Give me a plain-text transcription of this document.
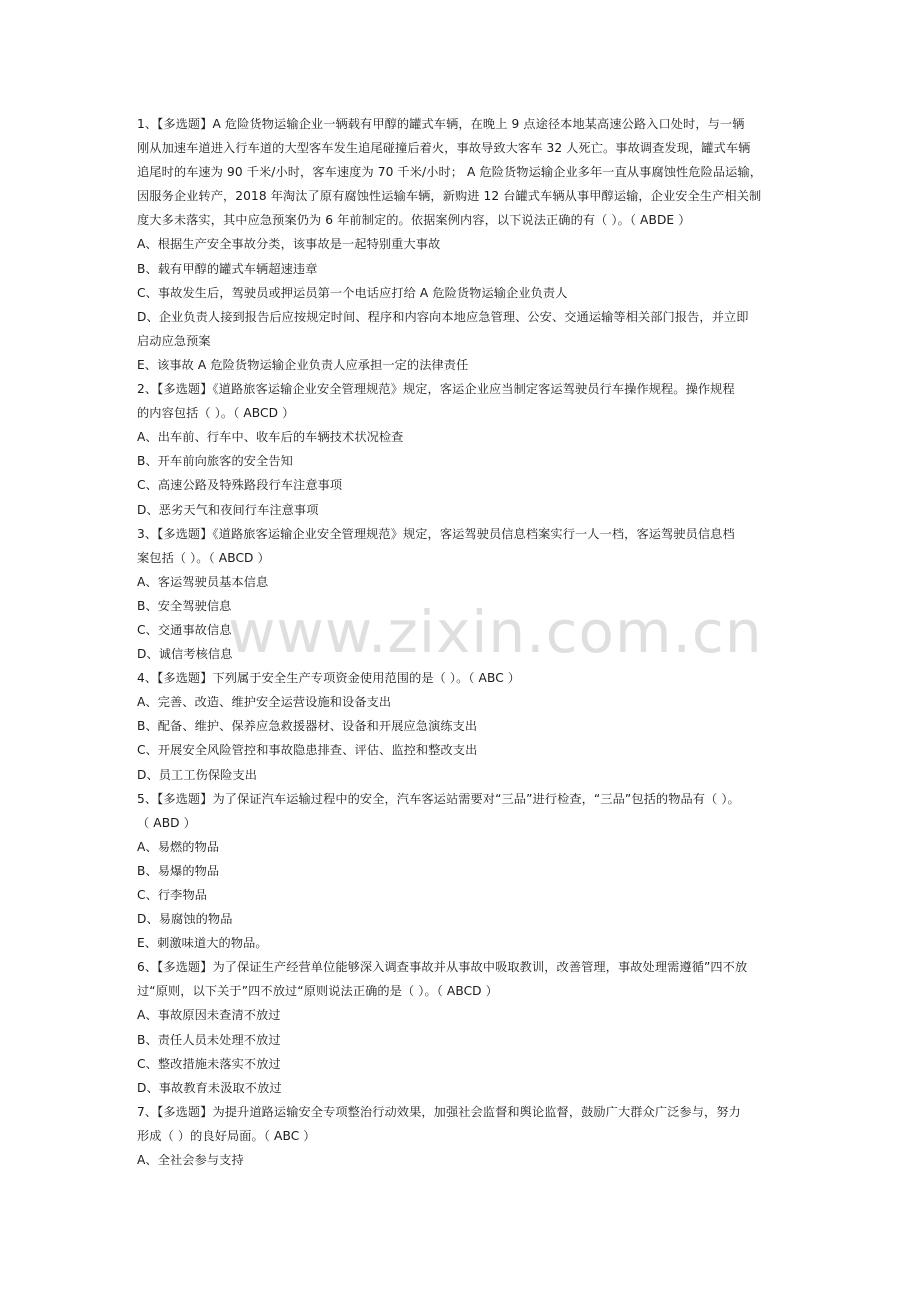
1、【多选题】A 危险货物运输企业一辆载有甲醇的罐式车辆，在晚上 9 点途径本地某高速公路入口处时，与一辆
刚从加速车道进入行车道的大型客车发生追尾碰撞后着火，事故导致大客车 32 人死亡。事故调查发现，罐式车辆
追尾时的车速为 90 千米/小时，客车速度为 70 千米/小时； A 危险货物运输企业多年一直从事腐蚀性危险品运输，
因服务企业转产，2018 年淘汰了原有腐蚀性运输车辆，新购进 12 台罐式车辆从事甲醇运输，企业安全生产相关制
度大多未落实，其中应急预案仍为 6 年前制定的。依据案例内容，以下说法正确的有（ ）。（ ABDE ）
A、根据生产安全事故分类，该事故是一起特别重大事故
B、载有甲醇的罐式车辆超速违章
C、事故发生后，驾驶员或押运员第一个电话应打给 A 危险货物运输企业负责人
D、企业负责人接到报告后应按规定时间、程序和内容向本地应急管理、公安、交通运输等相关部门报告，并立即
启动应急预案
E、该事故 A 危险货物运输企业负责人应承担一定的法律责任
2、【多选题】《道路旅客运输企业安全管理规范》规定，客运企业应当制定客运驾驶员行车操作规程。操作规程
的内容包括（ ）。（ ABCD ）
A、出车前、行车中、收车后的车辆技术状况检查
B、开车前向旅客的安全告知
C、高速公路及特殊路段行车注意事项
D、恶劣天气和夜间行车注意事项
3、【多选题】《道路旅客运输企业安全管理规范》规定，客运驾驶员信息档案实行一人一档，客运驾驶员信息档
案包括（ ）。（ ABCD ）
A、客运驾驶员基本信息
B、安全驾驶信息
C、交通事故信息
D、诚信考核信息
4、【多选题】下列属于安全生产专项资金使用范围的是（ ）。（ ABC ）
A、完善、改造、维护安全运营设施和设备支出
B、配备、维护、保养应急救援器材、设备和开展应急演练支出
C、开展安全风险管控和事故隐患排查、评估、监控和整改支出
D、员工工伤保险支出
5、【多选题】为了保证汽车运输过程中的安全，汽车客运站需要对“三品”进行检查，“三品”包括的物品有（ ）。
（ ABD ）
A、易燃的物品
B、易爆的物品
C、行李物品
D、易腐蚀的物品
E、刺激味道大的物品。
6、【多选题】为了保证生产经营单位能够深入调查事故并从事故中吸取教训，改善管理，事故处理需遵循”四不放
过“原则，以下关于”四不放过“原则说法正确的是（ ）。（ ABCD ）
A、事故原因未查清不放过
B、责任人员未处理不放过
C、整改措施未落实不放过
D、事故教育未汲取不放过
7、【多选题】为提升道路运输安全专项整治行动效果，加强社会监督和舆论监督，鼓励广大群众广泛参与，努力
形成（ ）的良好局面。（ ABC ）
A、全社会参与支持
www.zixin.com.cn
